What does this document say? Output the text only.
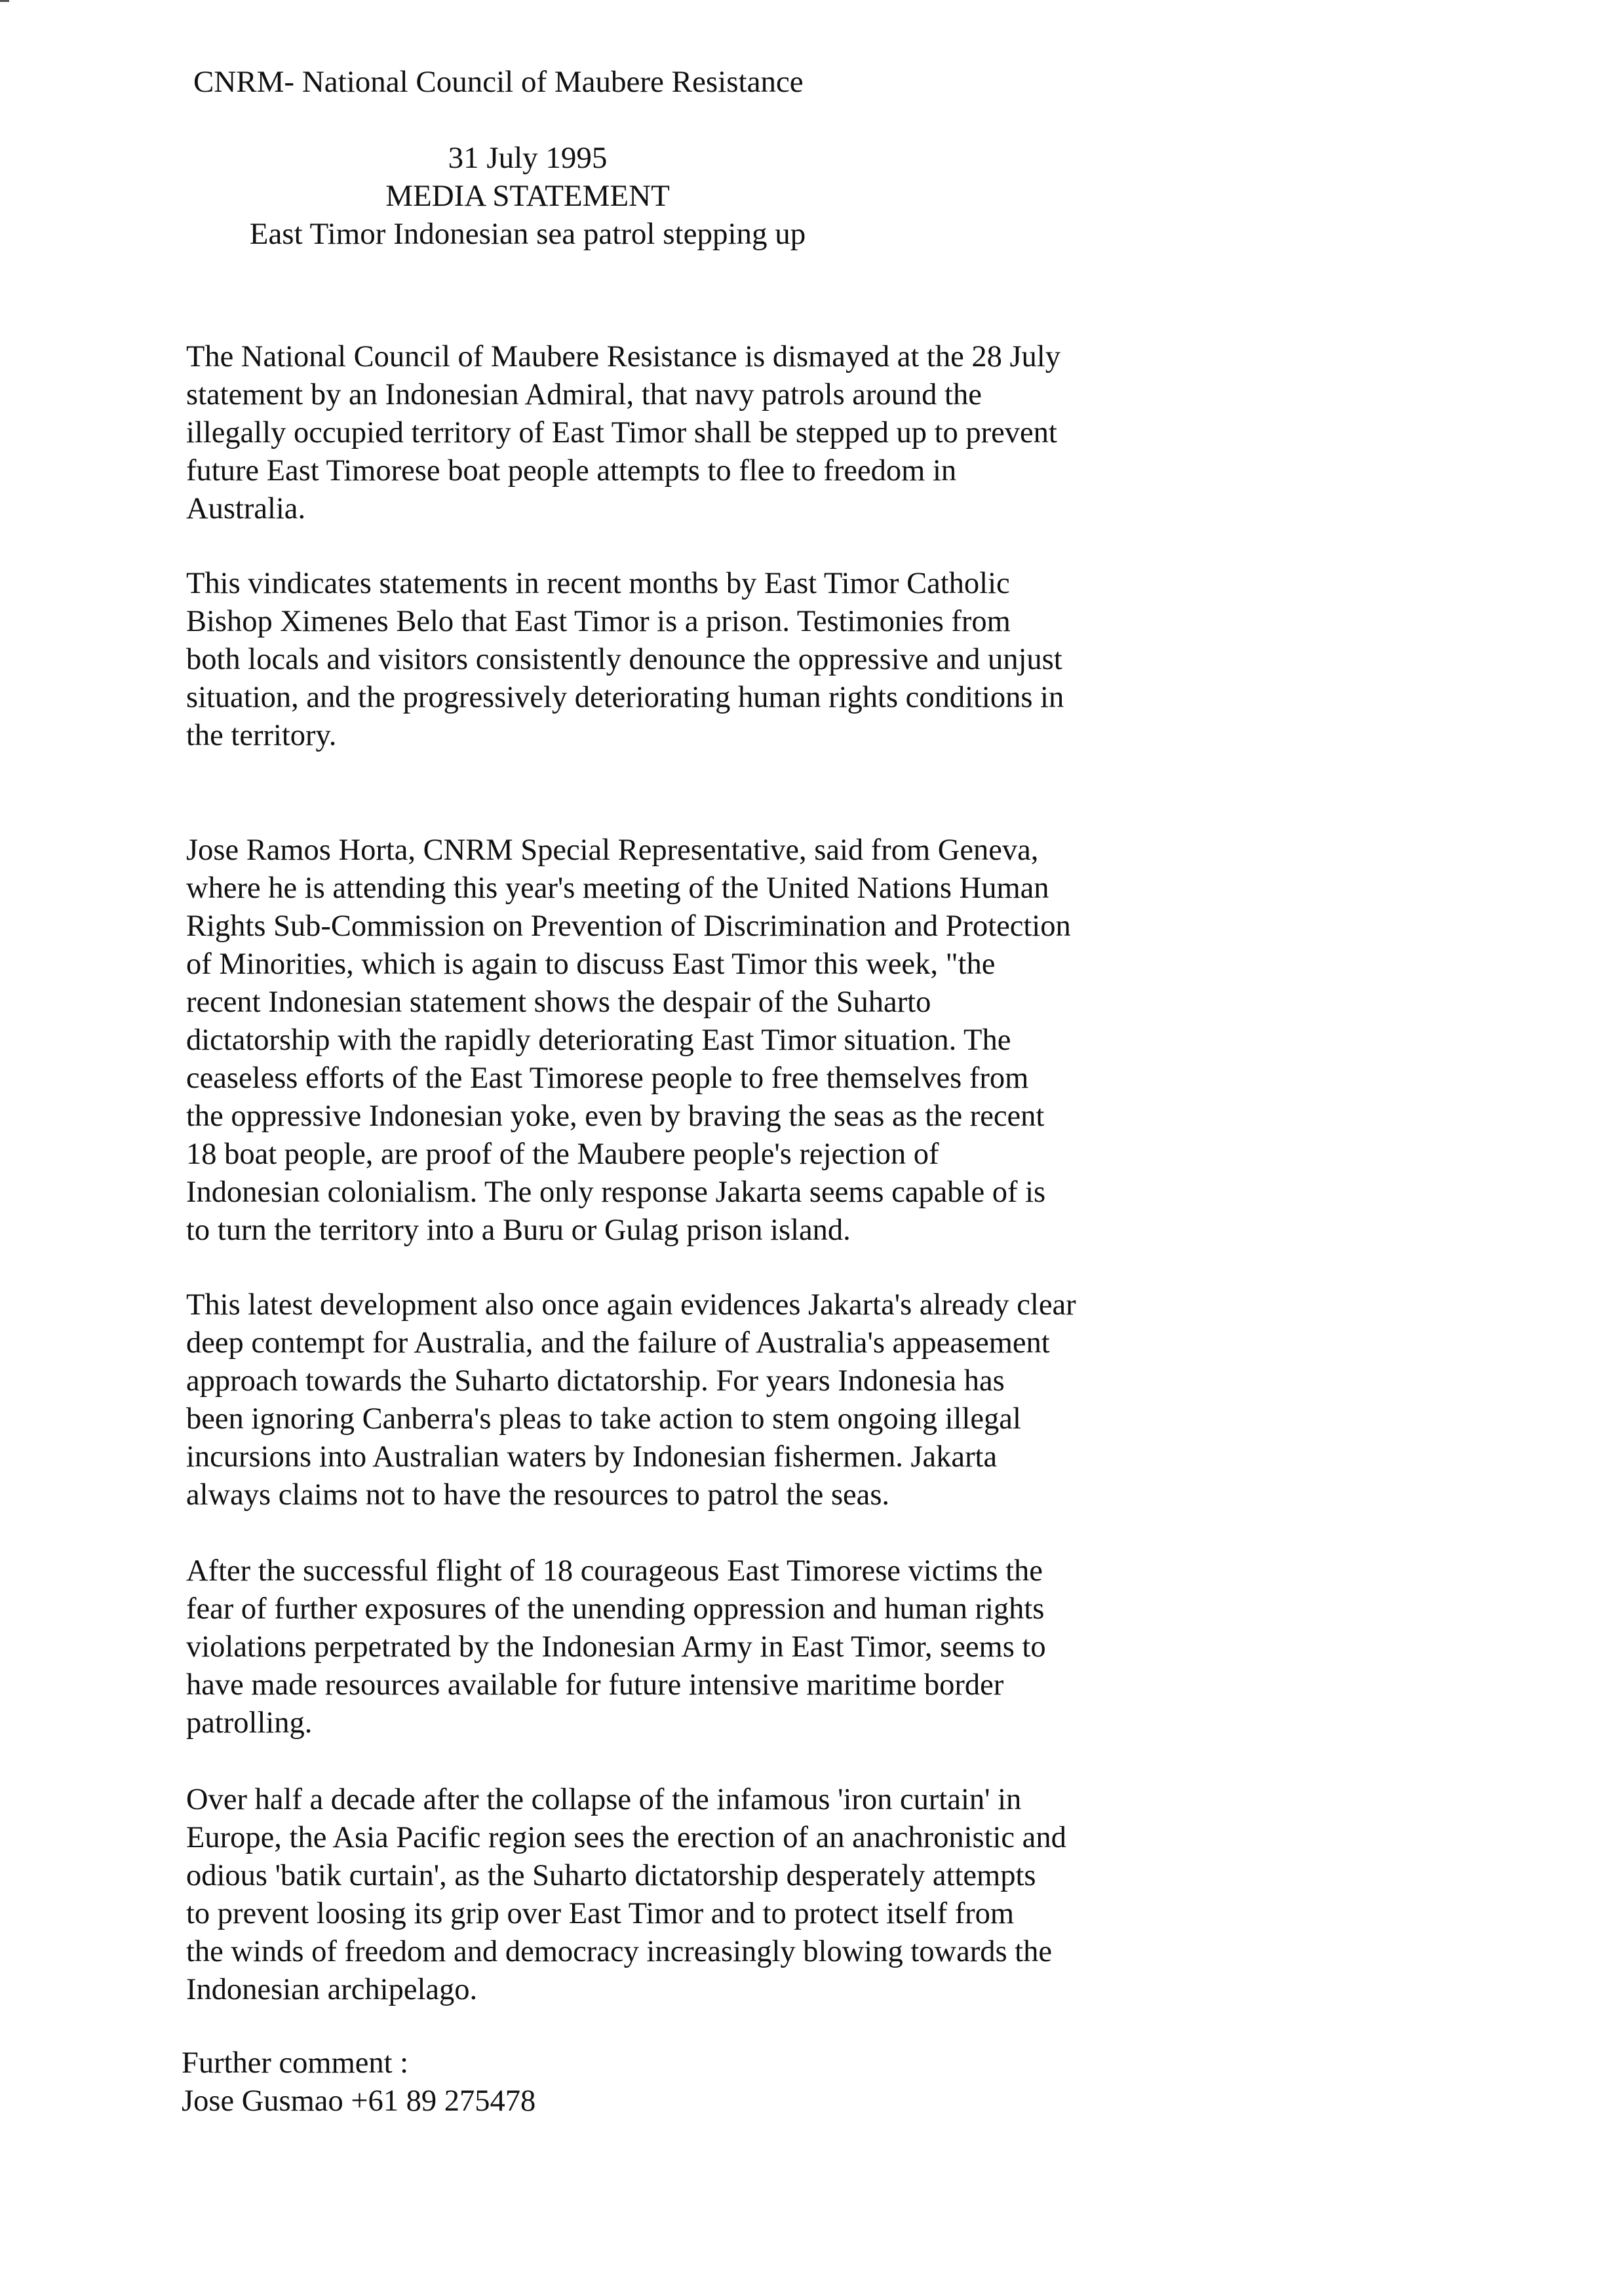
CNRM- National Council of Maubere Resistance
31 July 1995
MEDIA STATEMENT
East Timor Indonesian sea patrol stepping up

The National Council of Maubere Resistance is dismayed at the 28 July
statement by an Indonesian Admiral, that navy patrols around the
illegally occupied territory of East Timor shall be stepped up to prevent
future East Timorese boat people attempts to flee to freedom in
Australia.

This vindicates statements in recent months by East Timor Catholic
Bishop Ximenes Belo that East Timor is a prison. Testimonies from
both locals and visitors consistently denounce the oppressive and unjust
situation, and the progressively deteriorating human rights conditions in
the territory.

Jose Ramos Horta, CNRM Special Representative, said from Geneva,
where he is attending this year's meeting of the United Nations Human
Rights Sub-Commission on Prevention of Discrimination and Protection
of Minorities, which is again to discuss East Timor this week, "the
recent Indonesian statement shows the despair of the Suharto
dictatorship with the rapidly deteriorating East Timor situation. The
ceaseless efforts of the East Timorese people to free themselves from
the oppressive Indonesian yoke, even by braving the seas as the recent
18 boat people, are proof of the Maubere people's rejection of
Indonesian colonialism. The only response Jakarta seems capable of is
to turn the territory into a Buru or Gulag prison island.

This latest development also once again evidences Jakarta's already clear
deep contempt for Australia, and the failure of Australia's appeasement
approach towards the Suharto dictatorship. For years Indonesia has
been ignoring Canberra's pleas to take action to stem ongoing illegal
incursions into Australian waters by Indonesian fishermen. Jakarta
always claims not to have the resources to patrol the seas.

After the successful flight of 18 courageous East Timorese victims the
fear of further exposures of the unending oppression and human rights
violations perpetrated by the Indonesian Army in East Timor, seems to
have made resources available for future intensive maritime border
patrolling.

Over half a decade after the collapse of the infamous 'iron curtain' in
Europe, the Asia Pacific region sees the erection of an anachronistic and
odious 'batik curtain', as the Suharto dictatorship desperately attempts
to prevent loosing its grip over East Timor and to protect itself from
the winds of freedom and democracy increasingly blowing towards the
Indonesian archipelago.

Further comment :
Jose Gusmao +61 89 275478
